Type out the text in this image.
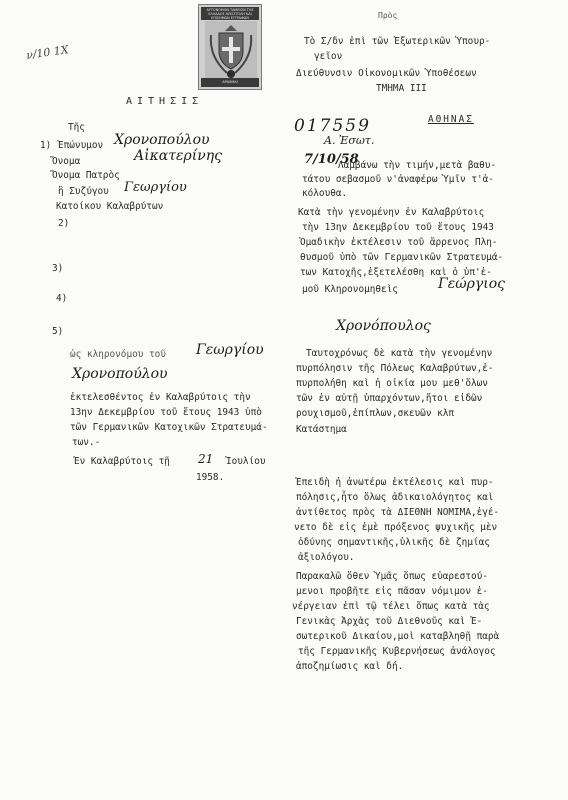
ν/10 1Χ
ΑΥΤΟΝΟΜΟΝ ΤΑΜΕΙΟΝ ΤΗΣ ΕΛΛΑΔΟΣ ΑΠΟΣΤΟΛΗ ΚΑΙ ΕΠΙΣΗΜΩΝ ΕΓΓΡΑΦΩΝ
ΔΡΑΧΜΑΙ
Πρὸς
Τὸ Σ/δν ἐπὶ τῶν Ἐξωτερικῶν Ὑπουρ-
γεῖον
Διεύθυνσιν Οἰκονομικῶν Ὑποθέσεων
ΤΜΗΜΑ ΙΙΙ
ΑΘΗΝΑΣ
ΑΙΤΗΣΙΣ
Τῆς
1) Ἐπώνυμον Χρονοπούλου
Ὄνομα	Αἰκατερίνης
Ὄνομα Πατρὸς
ἢ Συζύγου Γεωργίου
Κατοίκου Καλαβρύτων
2)
3)
4)
5)
017559
Α. Ἐσωτ.
7/10/58
ὡς κληρονόμου τοῦ Γεωργίου
Χρονοπούλου
ἐκτελεσθέντος ἐν Καλαβρύτοις τὴν
13ην Δεκεμβρίου τοῦ ἔτους 1943 ὑπὸ
τῶν Γερμανικῶν Κατοχικῶν Στρατευμά-
των.-
Ἐν Καλαβρύτοις τῇ 21 Ἰουλίου
1958.
Λαμβάνω τὴν τιμήν,μετὰ βαθυ-
τάτου σεβασμοῦ ν'ἀναφέρω Ὑμῖν τ'ἀ-
κόλουθα.
Κατὰ τὴν γενομένην ἐν Καλαβρύτοις
τὴν 13ην Δεκεμβρίου τοῦ ἔτους 1943
Ὁμαδικὴν ἐκτέλεσιν τοῦ ἄρρενος Πλη-
θυσμοῦ ὑπὸ τῶν Γερμανικῶν Στρατευμά-
των Κατοχῆς,ἐξετελέσθη καὶ ὁ ὑπ'ἐ-
μοῦ Κληρονομηθεὶς	Γεώργιος
Χρονόπουλος
Ταυτοχρόνως δὲ κατὰ τὴν γενομένην
πυρπόλησιν τῆς Πόλεως Καλαβρύτων,ἐ-
πυρπολήθη καὶ ἡ οἰκία μου μεθ'ὅλων
τῶν ἐν αὐτῇ ὑπαρχόντων,ἤτοι εἰδῶν
ρουχισμοῦ,ἐπίπλων,σκευῶν κλπ
Κατάστημα
Ἐπειδὴ ἡ ἀνωτέρω ἐκτέλεσις καὶ πυρ-
πόλησις,ἦτο ὅλως ἀδικαιολόγητος καὶ
ἀντίθετος πρὸς τὰ ΔΙΕΘΝΗ ΝΟΜΙΜΑ,ἐγέ-
νετο δὲ εἰς ἐμὲ πρόξενος ψυχικῆς μὲν
ὀδύνης σημαντικῆς,ὑλικῆς δὲ ζημίας
ἀξιολόγου.
Παρακαλῶ ὅθεν Ὑμᾶς ὅπως εὐαρεστού-
μενοι προβῆτε εἰς πᾶσαν νόμιμον ἐ-
νέργειαν ἐπὶ τῷ τέλει ὅπως κατὰ τὰς
Γενικὰς Ἀρχὰς τοῦ Διεθνοῦς καὶ Ἐ-
σωτερικοῦ Δικαίου,μοὶ καταβληθῇ παρὰ
τῆς Γερμανικῆς Κυβερνήσεως ἀνάλογος
ἀποζημίωσις καὶ δή.
